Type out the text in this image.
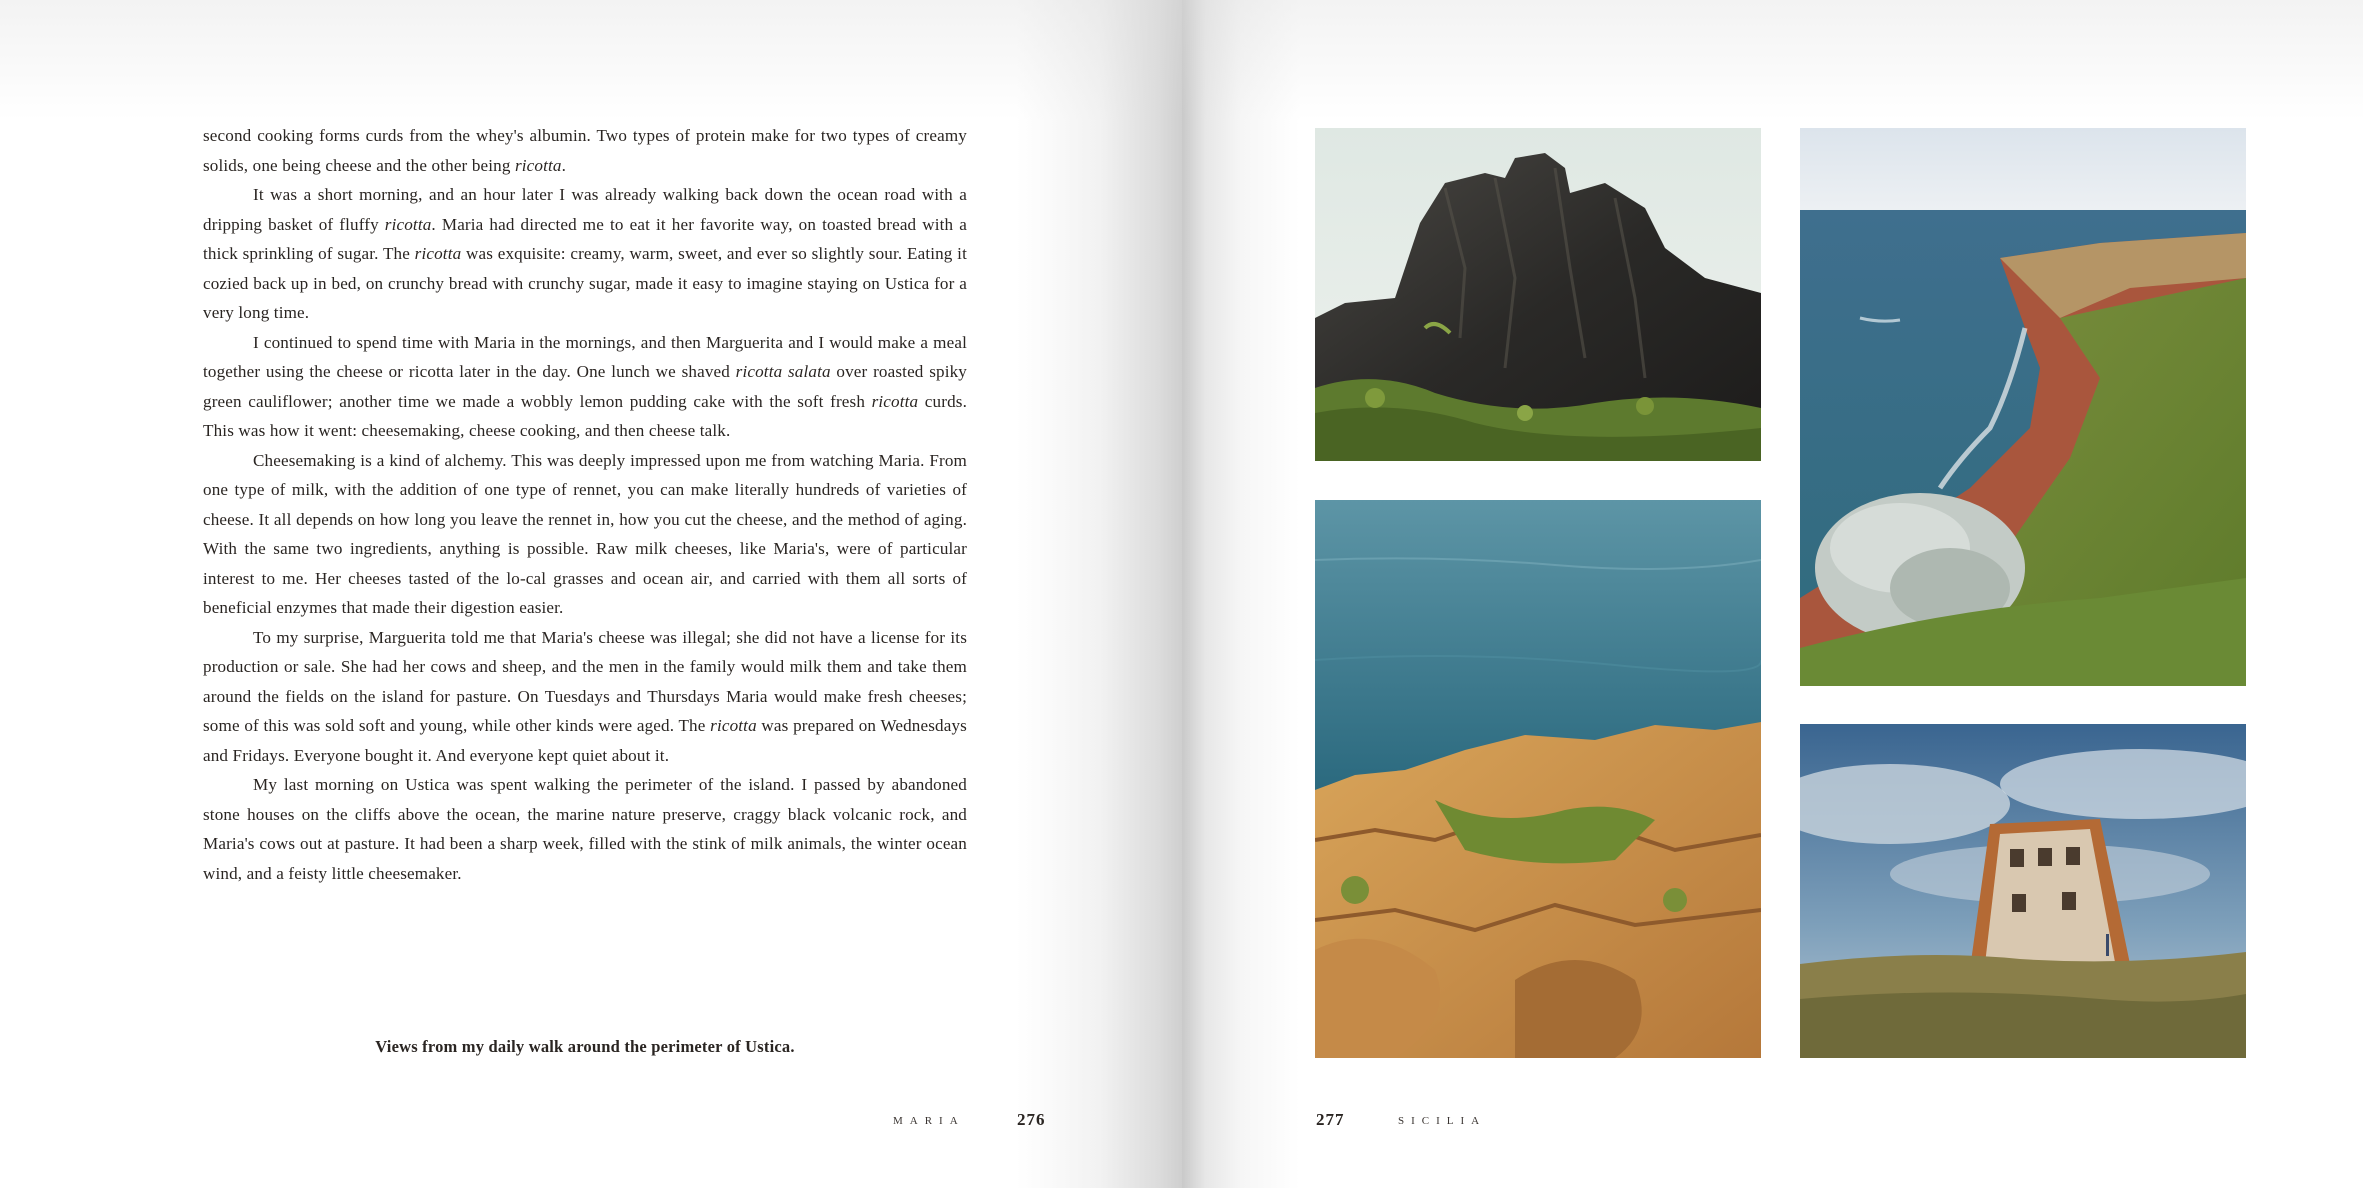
second cooking forms curds from the whey's albumin. Two types of protein make for two types of creamy solids, one being cheese and the other being ricotta.

It was a short morning, and an hour later I was already walking back down the ocean road with a dripping basket of fluffy ricotta. Maria had directed me to eat it her favorite way, on toasted bread with a thick sprinkling of sugar. The ricotta was exquisite: creamy, warm, sweet, and ever so slightly sour. Eating it cozied back up in bed, on crunchy bread with crunchy sugar, made it easy to imagine staying on Ustica for a very long time.

I continued to spend time with Maria in the mornings, and then Marguerita and I would make a meal together using the cheese or ricotta later in the day. One lunch we shaved ricotta salata over roasted spiky green cauliflower; another time we made a wobbly lemon pudding cake with the soft fresh ricotta curds. This was how it went: cheesemaking, cheese cooking, and then cheese talk.

Cheesemaking is a kind of alchemy. This was deeply impressed upon me from watching Maria. From one type of milk, with the addition of one type of rennet, you can make literally hundreds of varieties of cheese. It all depends on how long you leave the rennet in, how you cut the cheese, and the method of aging. With the same two ingredients, anything is possible. Raw milk cheeses, like Maria's, were of particular interest to me. Her cheeses tasted of the lo-cal grasses and ocean air, and carried with them all sorts of beneficial enzymes that made their digestion easier.

To my surprise, Marguerita told me that Maria's cheese was illegal; she did not have a license for its production or sale. She had her cows and sheep, and the men in the family would milk them and take them around the fields on the island for pasture. On Tuesdays and Thursdays Maria would make fresh cheeses; some of this was sold soft and young, while other kinds were aged. The ricotta was prepared on Wednesdays and Fridays. Everyone bought it. And everyone kept quiet about it.

My last morning on Ustica was spent walking the perimeter of the island. I passed by abandoned stone houses on the cliffs above the ocean, the marine nature preserve, craggy black volcanic rock, and Maria's cows out at pasture. It had been a sharp week, filled with the stink of milk animals, the winter ocean wind, and a feisty little cheesemaker.

Views from my daily walk around the perimeter of Ustica.
MARIA	276	277	SICILIA
